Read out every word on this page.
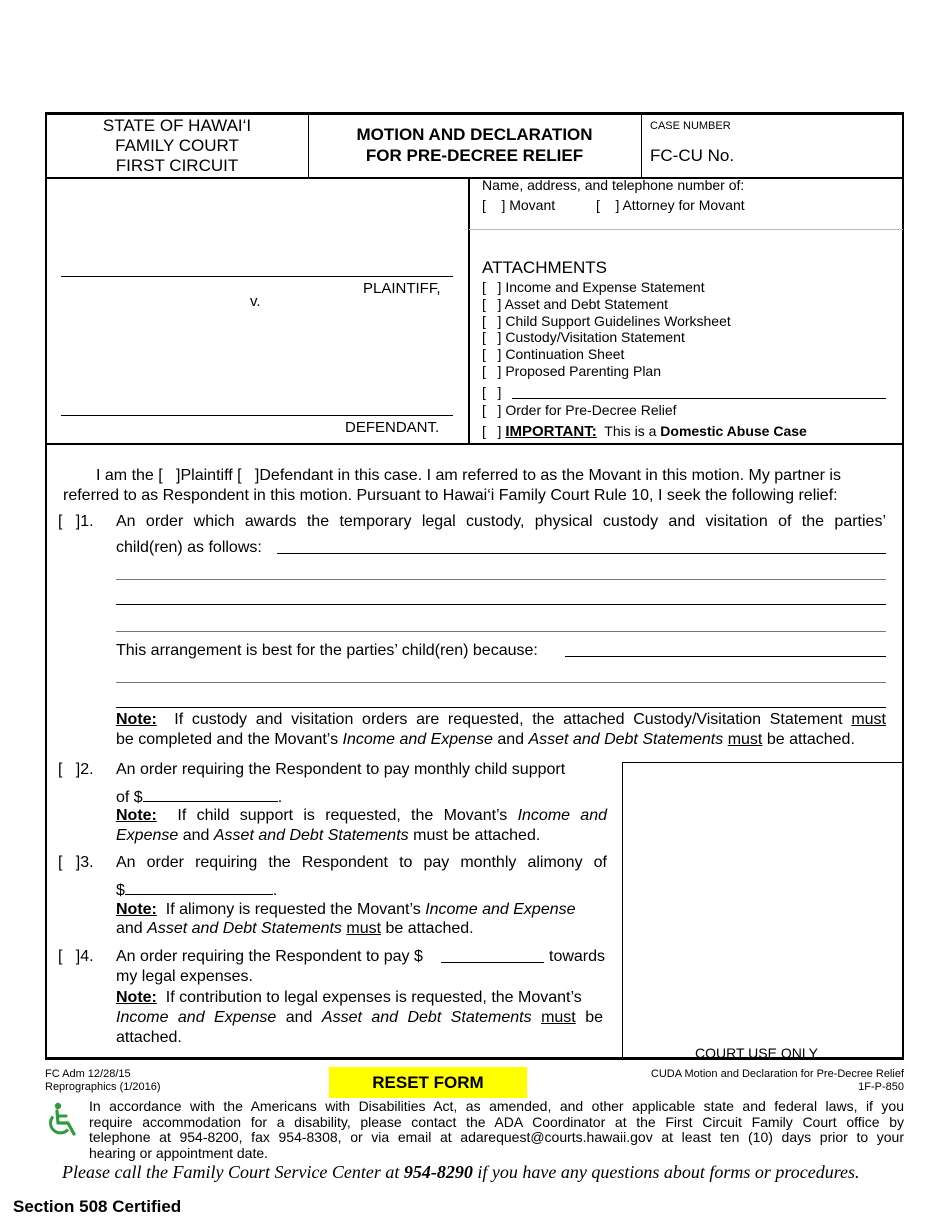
STATE OF HAWAI‘I
FAMILY COURT
FIRST CIRCUIT
MOTION AND DECLARATION
FOR PRE-DECREE RELIEF
CASE NUMBER
FC-CU No.
PLAINTIFF,
v.
DEFENDANT.
Name, address, and telephone number of:
[    ] Movant	[    ] Attorney for Movant
ATTACHMENTS
[   ] Income and Expense Statement
[   ] Asset and Debt Statement
[   ] Child Support Guidelines Worksheet
[   ] Custody/Visitation Statement
[   ] Continuation Sheet
[   ] Proposed Parenting Plan
[   ]
[   ] Order for Pre-Decree Relief
[   ] IMPORTANT: This is a Domestic Abuse Case
I am the [   ]Plaintiff [   ]Defendant in this case. I am referred to as the Movant in this motion. My partner is
referred to as Respondent in this motion. Pursuant to Hawai‘i Family Court Rule 10, I seek the following relief:
[   ]1. An order which awards the temporary legal custody, physical custody and visitation of the parties’
child(ren) as follows:
This arrangement is best for the parties’ child(ren) because:
Note: If custody and visitation orders are requested, the attached Custody/Visitation Statement must
be completed and the Movant’s Income and Expense and Asset and Debt Statements must be attached.
COURT USE ONLY
[   ]2. An order requiring the Respondent to pay monthly child support
of $	.
Note: If child support is requested, the Movant’s Income and
Expense and Asset and Debt Statements must be attached.
[   ]3. An order requiring the Respondent to pay monthly alimony of
$	.
Note: If alimony is requested the Movant’s Income and Expense
and Asset and Debt Statements must be attached.
[   ]4. An order requiring the Respondent to pay $	towards
my legal expenses.
Note: If contribution to legal expenses is requested, the Movant’s
Income and Expense and Asset and Debt Statements must be
attached.
FC Adm 12/28/15
Reprographics (1/2016)	RESET FORM	CUDA Motion and Declaration for Pre-Decree Relief
1F-P-850
In accordance with the Americans with Disabilities Act, as amended, and other applicable state and federal laws, if you
require accommodation for a disability, please contact the ADA Coordinator at the First Circuit Family Court office by
telephone at 954-8200, fax 954-8308, or via email at adarequest@courts.hawaii.gov at least ten (10) days prior to your
hearing or appointment date.
Please call the Family Court Service Center at 954-8290 if you have any questions about forms or procedures.
Section 508 Certified
